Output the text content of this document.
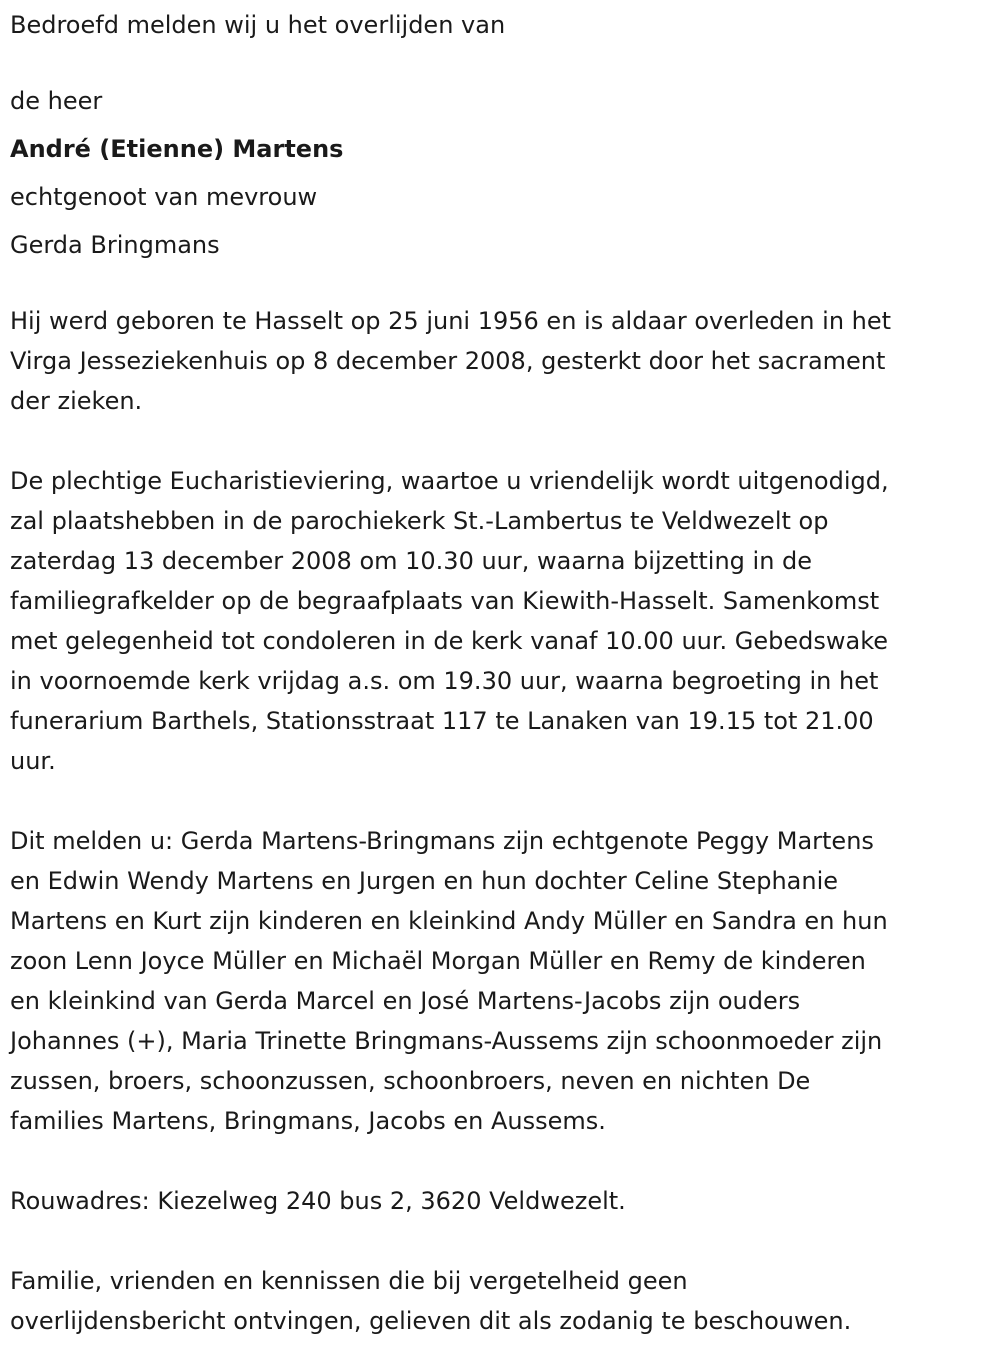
Bedroefd melden wij u het overlijden van
de heer
André (Etienne) Martens
echtgenoot van mevrouw
Gerda Bringmans
Hij werd geboren te Hasselt op 25 juni 1956 en is aldaar overleden in het
Virga Jesseziekenhuis op 8 december 2008, gesterkt door het sacrament
der zieken.
De plechtige Eucharistieviering, waartoe u vriendelijk wordt uitgenodigd,
zal plaatshebben in de parochiekerk St.-Lambertus te Veldwezelt op
zaterdag 13 december 2008 om 10.30 uur, waarna bijzetting in de
familiegrafkelder op de begraafplaats van Kiewith-Hasselt. Samenkomst
met gelegenheid tot condoleren in de kerk vanaf 10.00 uur. Gebedswake
in voornoemde kerk vrijdag a.s. om 19.30 uur, waarna begroeting in het
funerarium Barthels, Stationsstraat 117 te Lanaken van 19.15 tot 21.00
uur.
Dit melden u: Gerda Martens-Bringmans zijn echtgenote Peggy Martens
en Edwin Wendy Martens en Jurgen en hun dochter Celine Stephanie
Martens en Kurt zijn kinderen en kleinkind Andy Müller en Sandra en hun
zoon Lenn Joyce Müller en Michaël Morgan Müller en Remy de kinderen
en kleinkind van Gerda Marcel en José Martens-Jacobs zijn ouders
Johannes (+), Maria Trinette Bringmans-Aussems zijn schoonmoeder zijn
zussen, broers, schoonzussen, schoonbroers, neven en nichten De
families Martens, Bringmans, Jacobs en Aussems.
Rouwadres: Kiezelweg 240 bus 2, 3620 Veldwezelt.
Familie, vrienden en kennissen die bij vergetelheid geen
overlijdensbericht ontvingen, gelieven dit als zodanig te beschouwen.
